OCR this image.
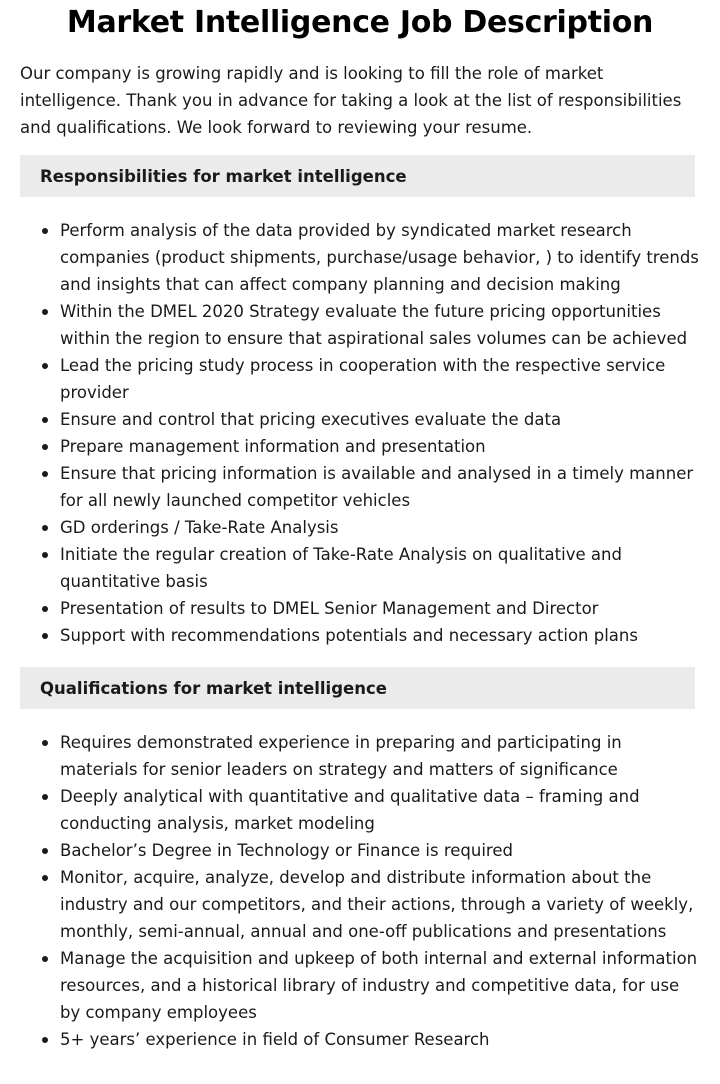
Market Intelligence Job Description

Our company is growing rapidly and is looking to fill the role of market intelligence. Thank you in advance for taking a look at the list of responsibilities and qualifications. We look forward to reviewing your resume.

Responsibilities for market intelligence
Perform analysis of the data provided by syndicated market research companies (product shipments, purchase/usage behavior, ) to identify trends and insights that can affect company planning and decision making
Within the DMEL 2020 Strategy evaluate the future pricing opportunities within the region to ensure that aspirational sales volumes can be achieved
Lead the pricing study process in cooperation with the respective service provider
Ensure and control that pricing executives evaluate the data
Prepare management information and presentation
Ensure that pricing information is available and analysed in a timely manner for all newly launched competitor vehicles
GD orderings / Take-Rate Analysis
Initiate the regular creation of Take-Rate Analysis on qualitative and quantitative basis
Presentation of results to DMEL Senior Management and Director
Support with recommendations potentials and necessary action plans
Qualifications for market intelligence
Requires demonstrated experience in preparing and participating in materials for senior leaders on strategy and matters of significance
Deeply analytical with quantitative and qualitative data – framing and conducting analysis, market modeling
Bachelor’s Degree in Technology or Finance is required
Monitor, acquire, analyze, develop and distribute information about the industry and our competitors, and their actions, through a variety of weekly, monthly, semi-annual, annual and one-off publications and presentations
Manage the acquisition and upkeep of both internal and external information resources, and a historical library of industry and competitive data, for use by company employees
5+ years’ experience in field of Consumer Research
